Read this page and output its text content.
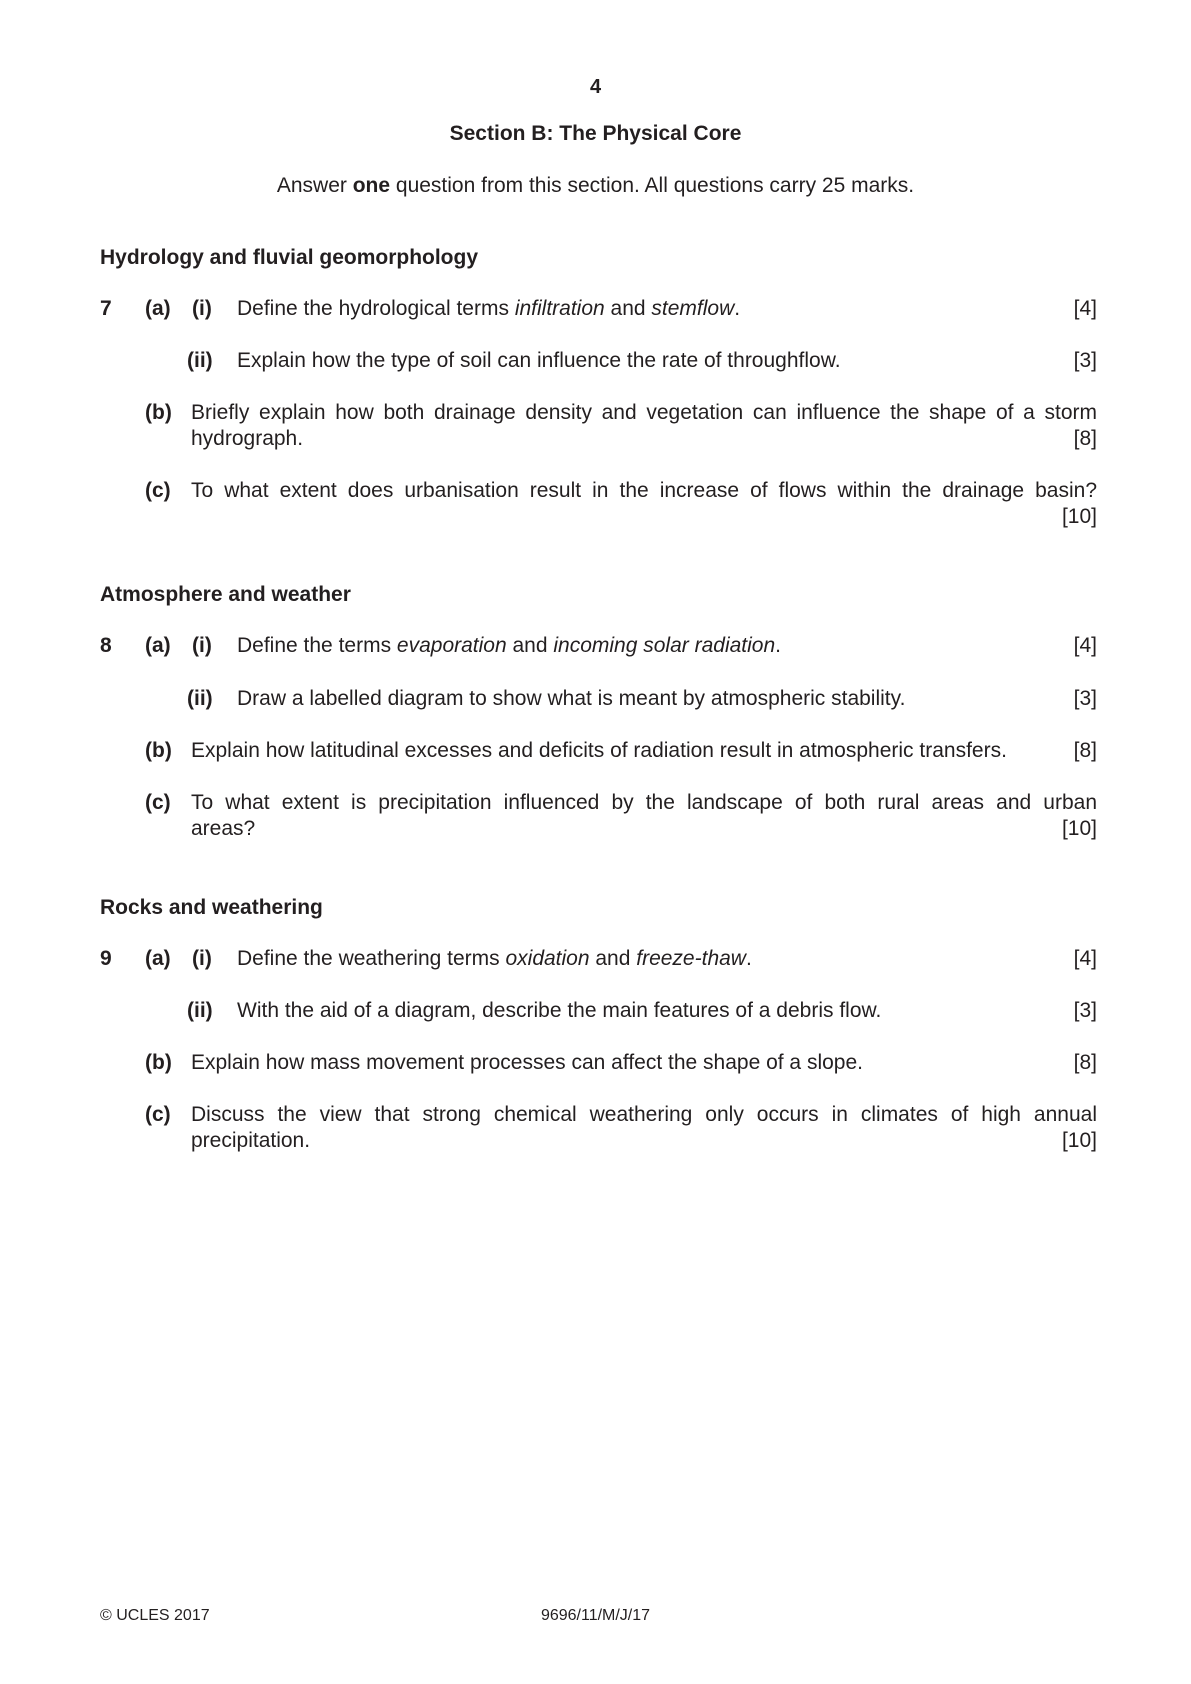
4
Section B: The Physical Core
Answer one question from this section. All questions carry 25 marks.
Hydrology and fluvial geomorphology
7 (a) (i) Define the hydrological terms infiltration and stemflow.	[4]
(ii) Explain how the type of soil can influence the rate of throughflow.	[3]
(b) Briefly explain how both drainage density and vegetation can influence the shape of a storm
hydrograph.	[8]
(c) To what extent does urbanisation result in the increase of flows within the drainage basin?
[10]
Atmosphere and weather
8 (a) (i) Define the terms evaporation and incoming solar radiation.	[4]
(ii) Draw a labelled diagram to show what is meant by atmospheric stability.	[3]
(b) Explain how latitudinal excesses and deficits of radiation result in atmospheric transfers.	[8]
(c) To what extent is precipitation influenced by the landscape of both rural areas and urban
areas?	[10]
Rocks and weathering
9 (a) (i) Define the weathering terms oxidation and freeze-thaw.	[4]
(ii) With the aid of a diagram, describe the main features of a debris flow.	[3]
(b) Explain how mass movement processes can affect the shape of a slope.	[8]
(c) Discuss the view that strong chemical weathering only occurs in climates of high annual
precipitation.	[10]
© UCLES 2017	9696/11/M/J/17
